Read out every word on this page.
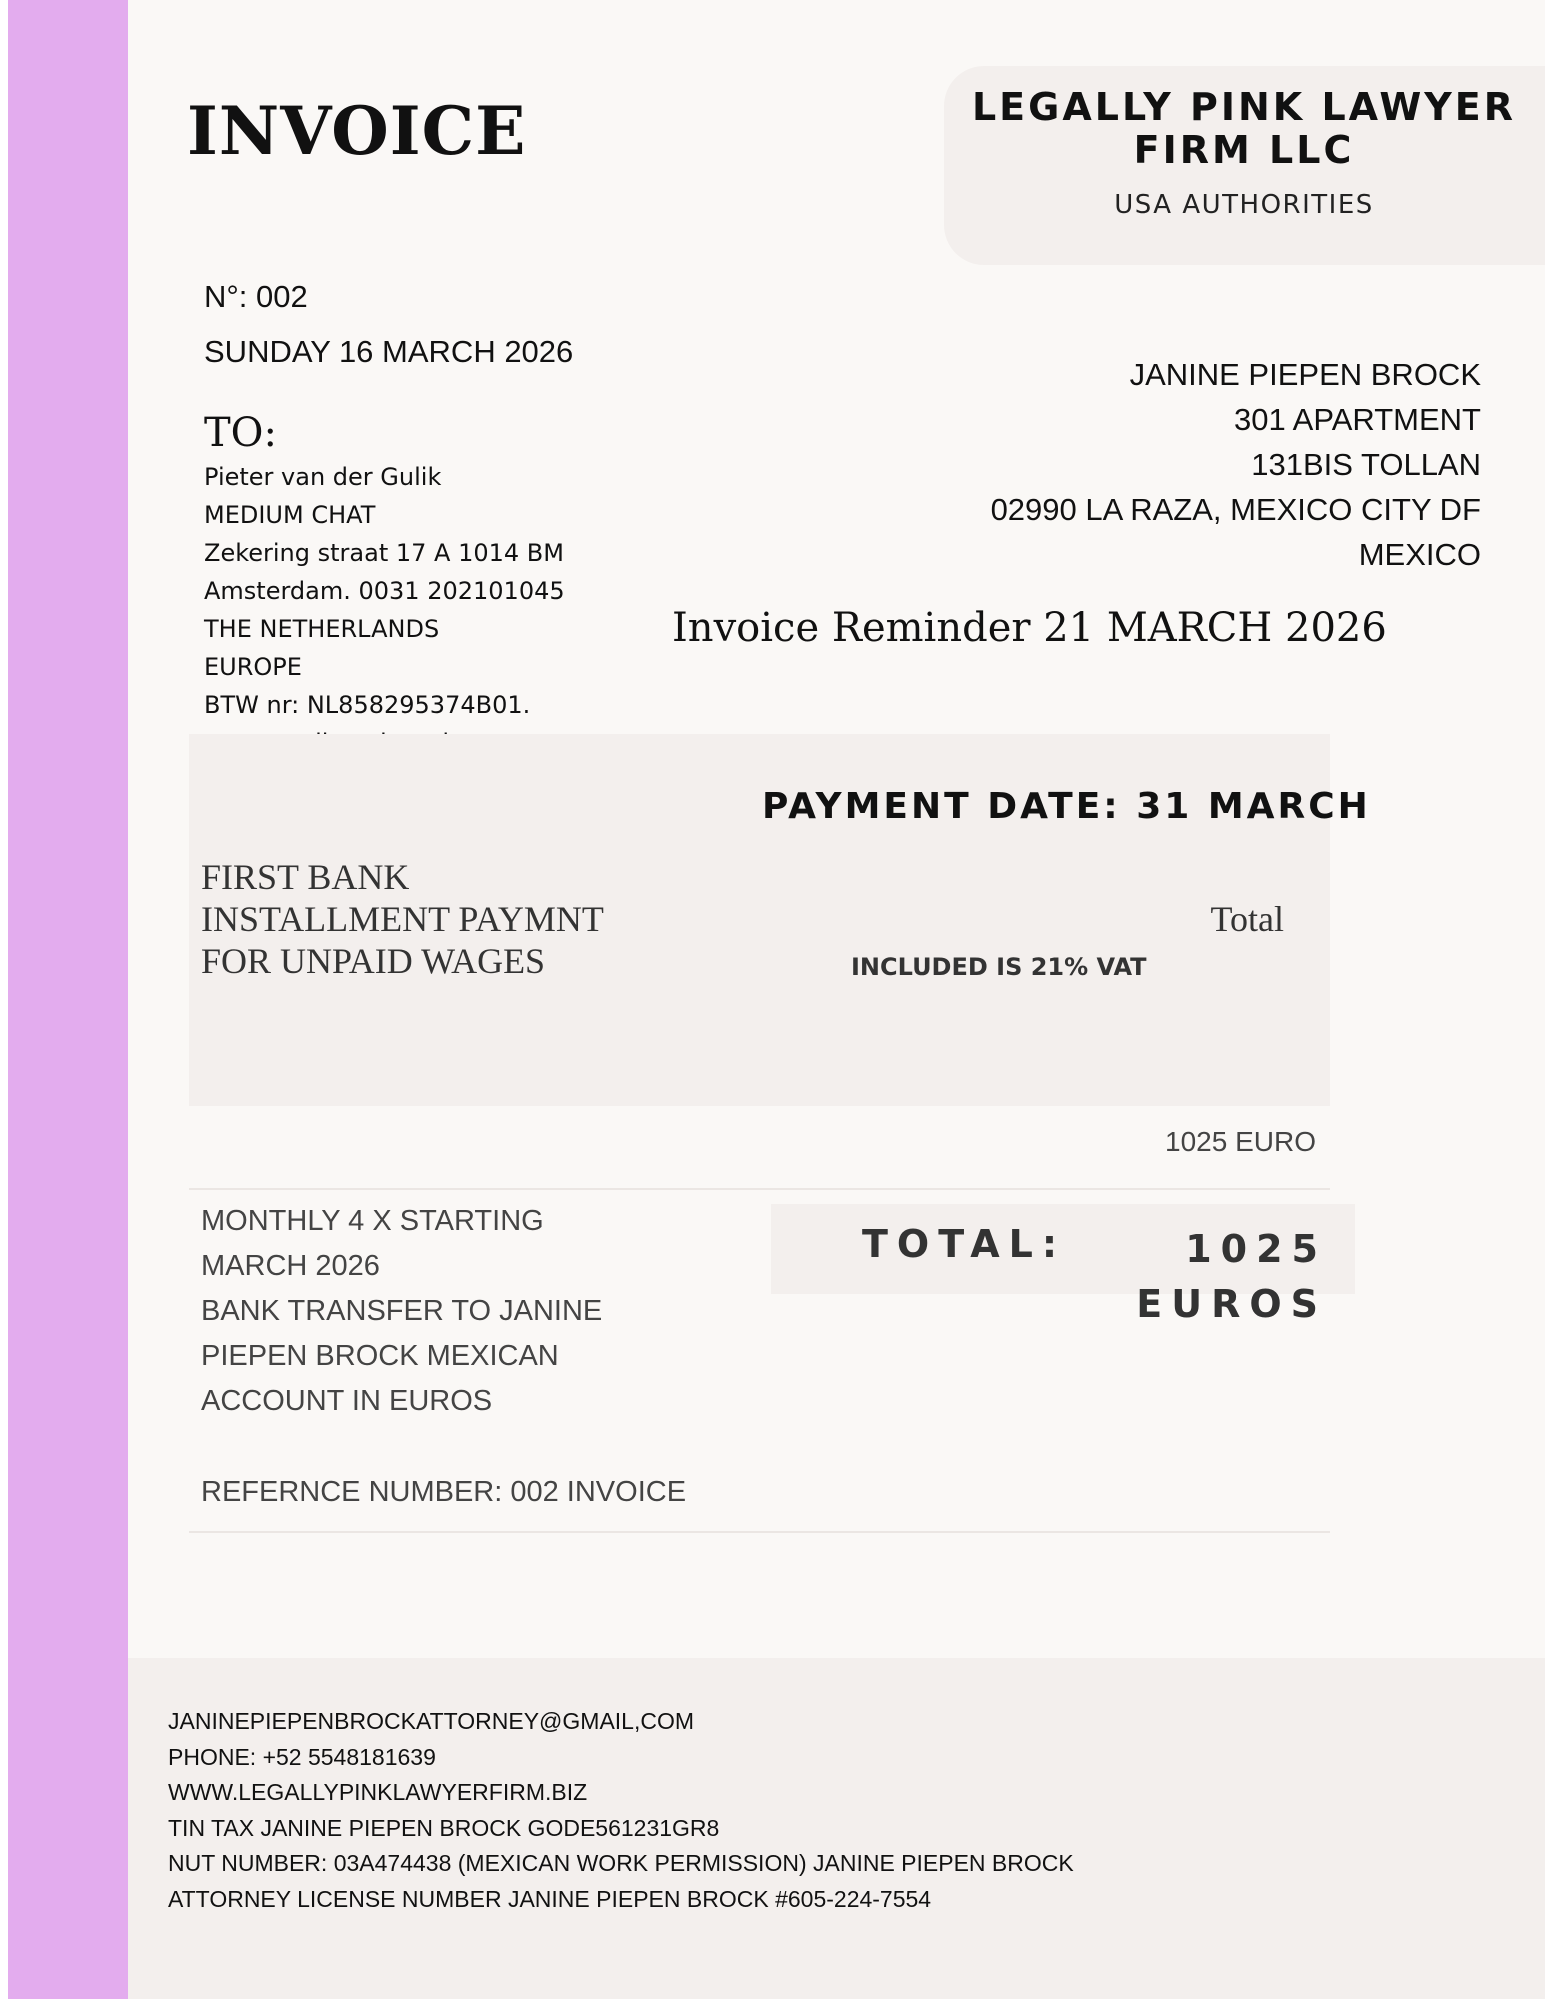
INVOICE	LEGALLY PINK LAWYER FIRM LLC
USA AUTHORITIES
N°: 002
SUNDAY 16 MARCH 2026
TO:
Pieter van der Gulik
MEDIUM CHAT
Zekering straat 17 A 1014 BM
Amsterdam. 0031 202101045
THE NETHERLANDS
EUROPE
BTW nr: NL858295374B01.
JANINE PIEPEN BROCK
301 APARTMENT
131BIS TOLLAN
02990 LA RAZA, MEXICO CITY DF
MEXICO
Invoice Reminder 21 MARCH 2026
PAYMENT DATE: 31 MARCH
FIRST BANK
INSTALLMENT PAYMNT
FOR UNPAID WAGES
Total
INCLUDED IS 21% VAT
1025 EURO
MONTHLY 4 X STARTING
MARCH 2026
BANK TRANSFER TO JANINE
PIEPEN BROCK MEXICAN
ACCOUNT IN EUROS
REFERNCE NUMBER: 002 INVOICE
TOTAL:	1025
EUROS
JANINEPIEPENBROCKATTORNEY@GMAIL,COM
PHONE: +52 5548181639
WWW.LEGALLYPINKLAWYERFIRM.BIZ
TIN TAX JANINE PIEPEN BROCK GODE561231GR8
NUT NUMBER: 03A474438 (MEXICAN WORK PERMISSION) JANINE PIEPEN BROCK
ATTORNEY LICENSE NUMBER JANINE PIEPEN BROCK #605-224-7554
